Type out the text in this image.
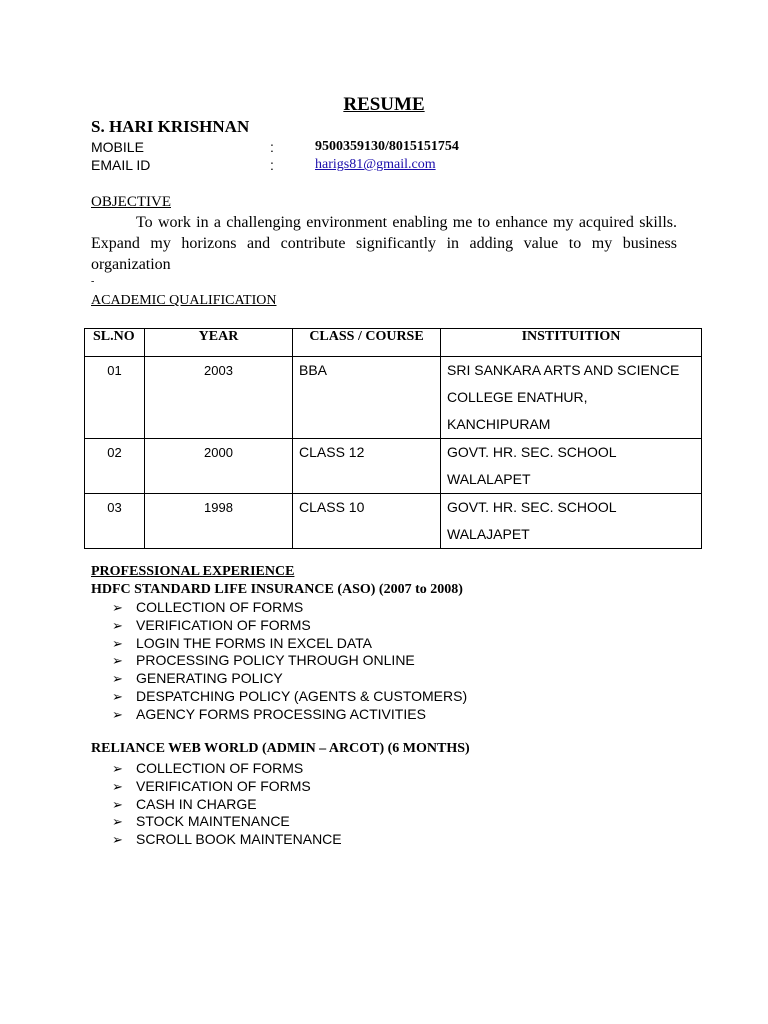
RESUME
S. HARI KRISHNAN
MOBILE	:	9500359130/8015151754
EMAIL ID	:	harigs81@gmail.com
OBJECTIVE
To work in a challenging environment enabling me to enhance my acquired skills. Expand my horizons and contribute significantly in adding value to my business organization
-
ACADEMIC QUALIFICATION
SL.NO	YEAR	CLASS / COURSE	INSTITUITION
01	2003	BBA	SRI SANKARA ARTS AND SCIENCE
COLLEGE ENATHUR,
KANCHIPURAM

02	2000	CLASS 12	GOVT. HR. SEC. SCHOOL
WALALAPET

03	1998	CLASS 10	GOVT. HR. SEC. SCHOOL
WALAJAPET
PROFESSIONAL EXPERIENCE
HDFC STANDARD LIFE INSURANCE (ASO) (2007 to 2008)
➢ COLLECTION OF FORMS
➢ VERIFICATION OF FORMS
➢ LOGIN THE FORMS IN EXCEL DATA
➢ PROCESSING POLICY THROUGH ONLINE
➢ GENERATING POLICY
➢ DESPATCHING POLICY (AGENTS & CUSTOMERS)
➢ AGENCY FORMS PROCESSING ACTIVITIES
RELIANCE WEB WORLD (ADMIN – ARCOT) (6 MONTHS)
➢ COLLECTION OF FORMS
➢ VERIFICATION OF FORMS
➢ CASH IN CHARGE
➢ STOCK MAINTENANCE
➢ SCROLL BOOK MAINTENANCE
